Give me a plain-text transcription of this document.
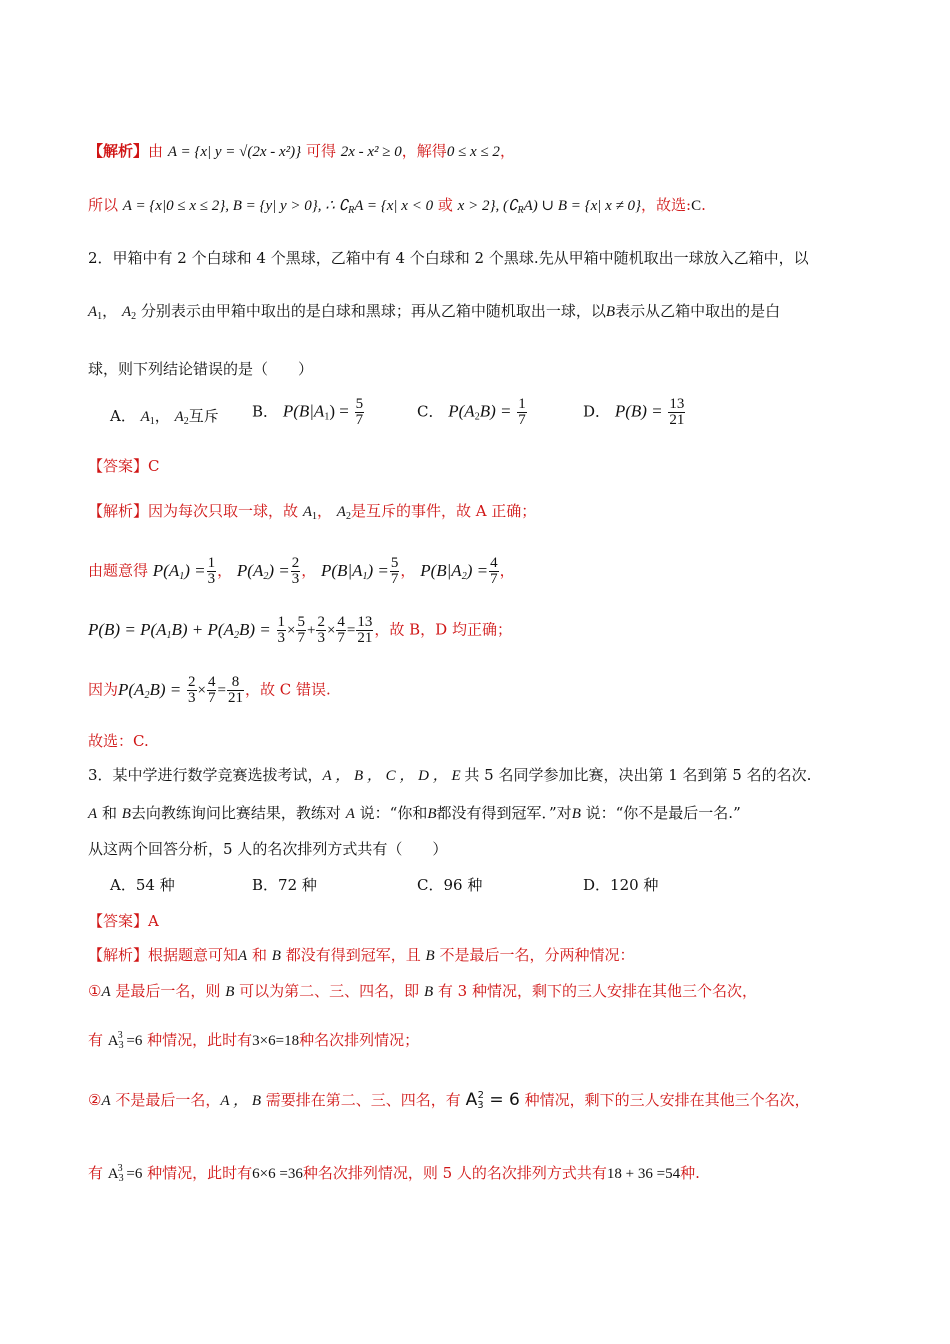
【解析】由 A = {x| y = √(2x - x²)} 可得 2x - x² ≥ 0，解得0 ≤ x ≤ 2，
所以 A = {x|0 ≤ x ≤ 2}, B = {y| y > 0}, ∴ $∁_RA = \{x|$ x < 0 或 x > 2}, $(∁_RA)$ ∪ B = {x| x ≠ 0}，故选:C.
2．甲箱中有 2 个白球和 4 个黑球，乙箱中有 4 个白球和 2 个黑球.先从甲箱中随机取出一球放入乙箱中，以
$A_1$， $A_2$ 分别表示由甲箱中取出的是白球和黑球；再从乙箱中随机取出一球，以B表示从乙箱中取出的是白
球，则下列结论错误的是（　　）
A． $A_1$， $A_2$互斥 B． $P(B|A_1) = \frac{5}{7}$	C． $P(A_2B) = \frac{1}{7}$	D． $P(B) = \frac{13}{21}$
【答案】C
【解析】因为每次只取一球，故 $A_1$， $A_2$是互斥的事件，故 A 正确；
由题意得 $P(A_1) = \frac{1}{3}$ ， $P(A_2) = \frac{2}{3}$ ， $P(B|A_1) = \frac{5}{7}$ ， $P(B|A_2) = \frac{4}{7}$ ，
$P(B) = P(A_1B) + P(A_2B) = \frac{1}{3} \times \frac{5}{7} + \frac{2}{3} \times \frac{4}{7} = \frac{13}{21}$ ，故 B，D 均正确；
因为$P(A_2B) = \frac{2}{3} \times \frac{4}{7} = \frac{8}{21}$ ，故 C 错误.
故选：C.
3．某中学进行数学竞赛选拔考试，A ， B ， C ， D ， E 共 5 名同学参加比赛，决出第 1 名到第 5 名的名次.
A 和 B去向教练询问比赛结果，教练对 A 说：“你和B都没有得到冠军．”对B 说：“你不是最后一名.”
从这两个回答分析，5 人的名次排列方式共有（　　）
A．54 种	B．72 种	C．96 种	D．120 种
【答案】A
【解析】根据题意可知A 和 B 都没有得到冠军，且 B 不是最后一名，分两种情况：
①A 是最后一名，则 B 可以为第二、三、四名，即 B 有 3 种情况，剩下的三人安排在其他三个名次，
有 $A_3^3 =6$ 种情况，此时有3×6=18种名次排列情况；
②A 不是最后一名，A ， B 需要排在第二、三、四名，有 $A_3^2 = 6$ 种情况，剩下的三人安排在其他三个名次，
有 $A_3^3 =6$ 种情况，此时有6×6 =36种名次排列情况，则 5 人的名次排列方式共有18 + 36 =54种.
